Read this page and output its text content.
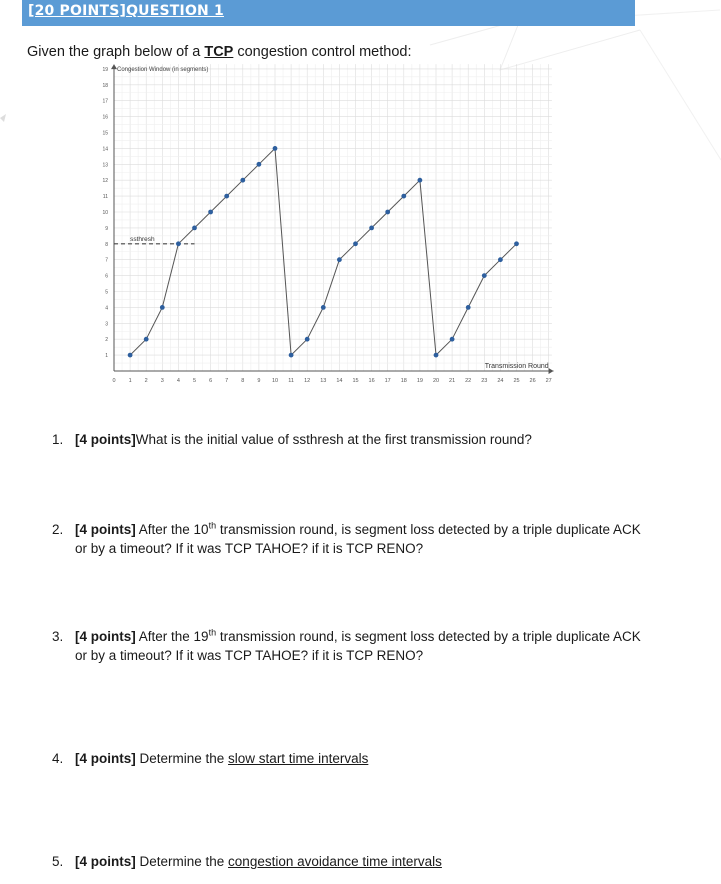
[20 POINTS]QUESTION 1
Given the graph below of a TCP congestion control method:
0 1 2 3 4 5 6 7 8 9 10 11 12 13 14 15 16 17 18 19 20 21 22 23 24 25 26 27
1
2
3
4
5
6
7
8
9
10
11
12
13
14
15
16
17
18
19 Congestion Window (in segments)
Transmission Round
ssthresh
1. [4 points]What is the initial value of ssthresh at the first transmission round?
2. [4 points] After the 10th transmission round, is segment loss detected by a triple duplicate ACK or by a timeout? If it was TCP TAHOE? if it is TCP RENO?
3. [4 points] After the 19th transmission round, is segment loss detected by a triple duplicate ACK or by a timeout? If it was TCP TAHOE? if it is TCP RENO?
4. [4 points] Determine the slow start time intervals
5. [4 points] Determine the congestion avoidance time intervals
